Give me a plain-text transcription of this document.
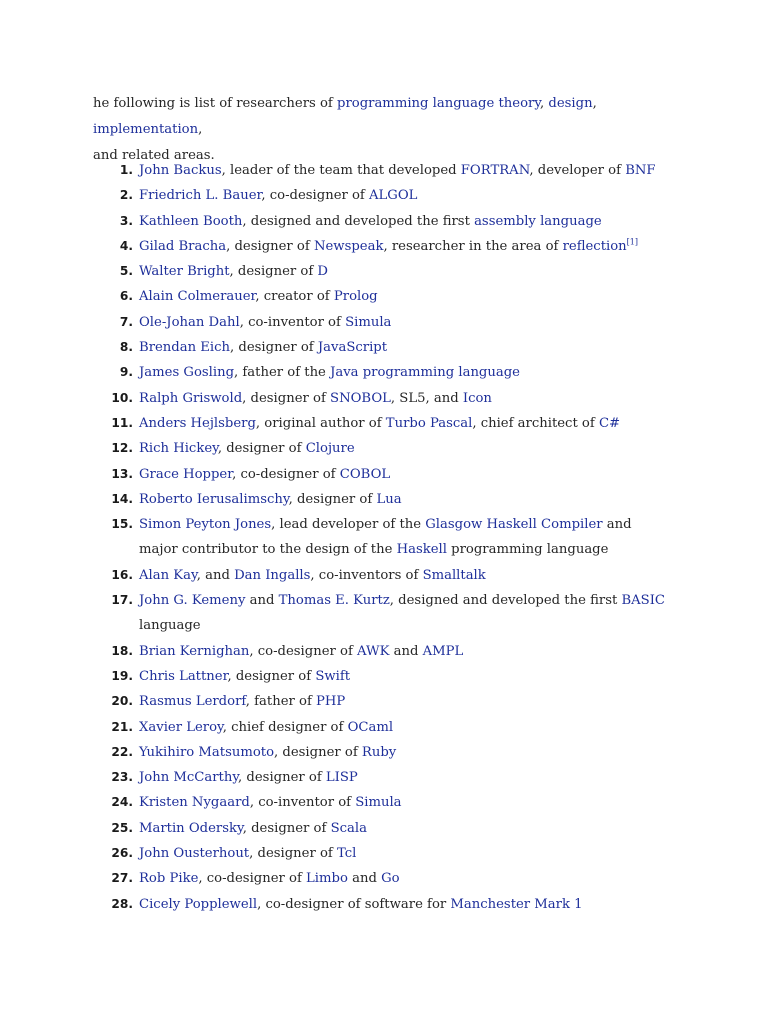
he following is list of researchers of programming language theory, design, implementation,
and related areas.

1. John Backus, leader of the team that developed FORTRAN, developer of BNF
2. Friedrich L. Bauer, co-designer of ALGOL
3. Kathleen Booth, designed and developed the first assembly language
4. Gilad Bracha, designer of Newspeak, researcher in the area of reflection[1]
5. Walter Bright, designer of D
6. Alain Colmerauer, creator of Prolog
7. Ole-Johan Dahl, co-inventor of Simula
8. Brendan Eich, designer of JavaScript
9. James Gosling, father of the Java programming language
10. Ralph Griswold, designer of SNOBOL, SL5, and Icon
11. Anders Hejlsberg, original author of Turbo Pascal, chief architect of C#
12. Rich Hickey, designer of Clojure
13. Grace Hopper, co-designer of COBOL
14. Roberto Ierusalimschy, designer of Lua
15. Simon Peyton Jones, lead developer of the Glasgow Haskell Compiler and major contributor to the design of the Haskell programming language
16. Alan Kay, and Dan Ingalls, co-inventors of Smalltalk
17. John G. Kemeny and Thomas E. Kurtz, designed and developed the first BASIC language
18. Brian Kernighan, co-designer of AWK and AMPL
19. Chris Lattner, designer of Swift
20. Rasmus Lerdorf, father of PHP
21. Xavier Leroy, chief designer of OCaml
22. Yukihiro Matsumoto, designer of Ruby
23. John McCarthy, designer of LISP
24. Kristen Nygaard, co-inventor of Simula
25. Martin Odersky, designer of Scala
26. John Ousterhout, designer of Tcl
27. Rob Pike, co-designer of Limbo and Go
28. Cicely Popplewell, co-designer of software for Manchester Mark 1
